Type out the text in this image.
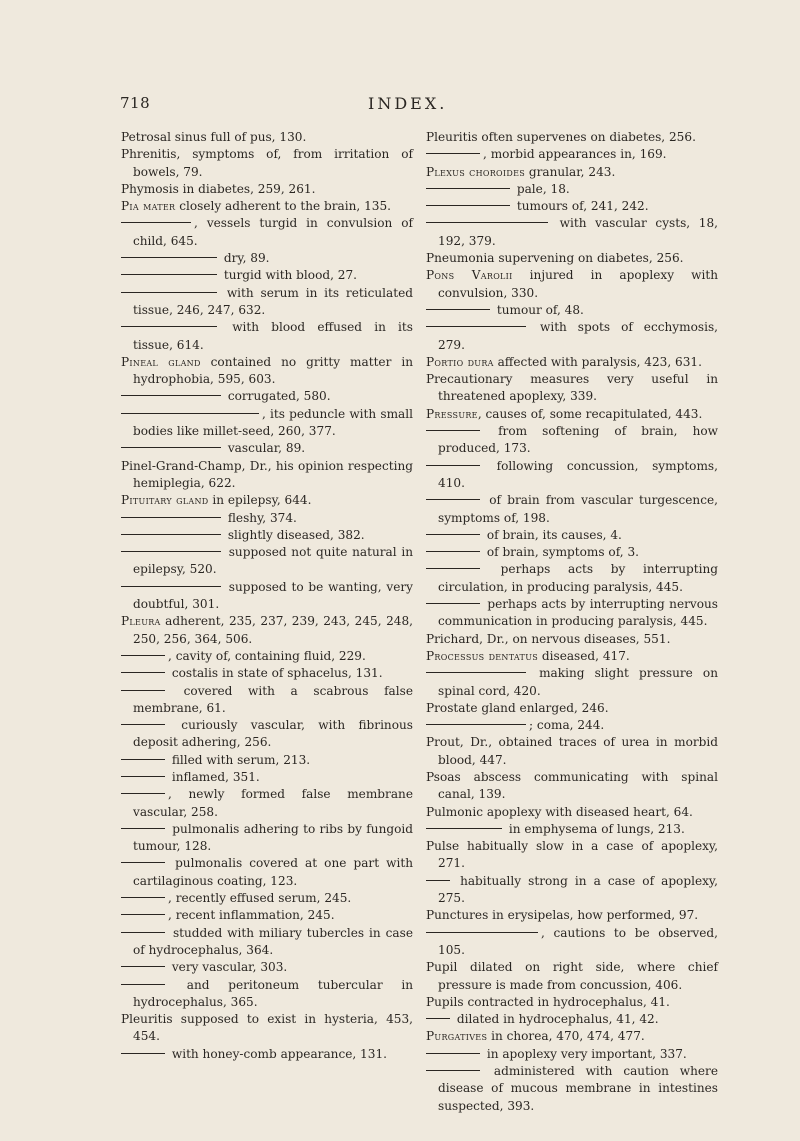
718	INDEX.

Petrosal sinus full of pus, 130.

Phrenitis, symptoms of, from irritation of bowels, 79.

Phymosis in diabetes, 259, 261.

Pia mater closely adherent to the brain, 135.

, vessels turgid in convulsion of child, 645.

dry, 89.

turgid with blood, 27.

with serum in its reticulated tissue, 246, 247, 632.

with blood effused in its tissue, 614.

Pineal gland contained no gritty matter in hydrophobia, 595, 603.

corrugated, 580.

, its peduncle with small bodies like millet-seed, 260, 377.

vascular, 89.

Pinel-Grand-Champ, Dr., his opinion respecting hemiplegia, 622.

Pituitary gland in epilepsy, 644.

fleshy, 374.

slightly diseased, 382.

supposed not quite natural in epilepsy, 520.

supposed to be wanting, very doubtful, 301.

Pleura adherent, 235, 237, 239, 243, 245, 248, 250, 256, 364, 506.

, cavity of, containing fluid, 229.

costalis in state of sphacelus, 131.

covered with a scabrous false membrane, 61.

curiously vascular, with fibrinous deposit adhering, 256.

filled with serum, 213.

inflamed, 351.

, newly formed false membrane vascular, 258.

pulmonalis adhering to ribs by fungoid tumour, 128.

pulmonalis covered at one part with cartilaginous coating, 123.

, recently effused serum, 245.

, recent inflammation, 245.

studded with miliary tubercles in case of hydrocephalus, 364.

very vascular, 303.

and peritoneum tubercular in hydrocephalus, 365.

Pleuritis supposed to exist in hysteria, 453, 454.

with honey-comb appearance, 131.

Pleuritis often supervenes on diabetes, 256.

, morbid appearances in, 169.

Plexus choroides granular, 243.

pale, 18.

tumours of, 241, 242.

with vascular cysts, 18, 192, 379.

Pneumonia supervening on diabetes, 256.

Pons Varolii injured in apoplexy with convulsion, 330.

tumour of, 48.

with spots of ecchymosis, 279.

Portio dura affected with paralysis, 423, 631.

Precautionary measures very useful in threatened apoplexy, 339.

Pressure, causes of, some recapitulated, 443.

from softening of brain, how produced, 173.

following concussion, symptoms, 410.

of brain from vascular turgescence, symptoms of, 198.

of brain, its causes, 4.

of brain, symptoms of, 3.

perhaps acts by interrupting circulation, in producing paralysis, 445.

perhaps acts by interrupting nervous communication in producing paralysis, 445.

Prichard, Dr., on nervous diseases, 551.

Processus dentatus diseased, 417.

making slight pressure on spinal cord, 420.

Prostate gland enlarged, 246.

; coma, 244.

Prout, Dr., obtained traces of urea in morbid blood, 447.

Psoas abscess communicating with spinal canal, 139.

Pulmonic apoplexy with diseased heart, 64.

in emphysema of lungs, 213.

Pulse habitually slow in a case of apoplexy, 271.

habitually strong in a case of apoplexy, 275.

Punctures in erysipelas, how performed, 97.

, cautions to be observed, 105.

Pupil dilated on right side, where chief pressure is made from concussion, 406.

Pupils contracted in hydrocephalus, 41.

dilated in hydrocephalus, 41, 42.

Purgatives in chorea, 470, 474, 477.

in apoplexy very important, 337.

administered with caution where disease of mucous membrane in intestines suspected, 393.
